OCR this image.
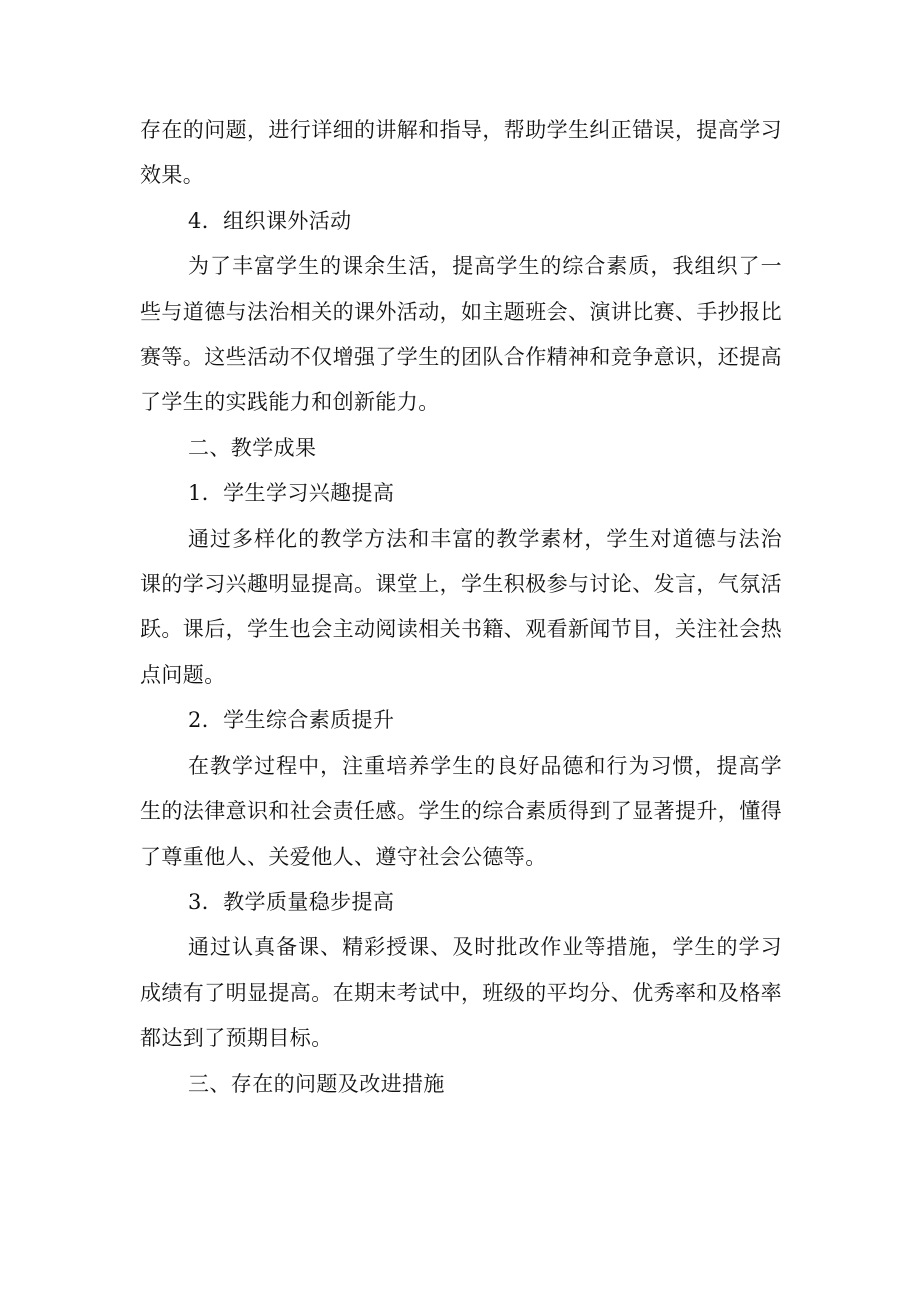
存在的问题，进行详细的讲解和指导，帮助学生纠正错误，提高学习效果。

4．组织课外活动

为了丰富学生的课余生活，提高学生的综合素质，我组织了一些与道德与法治相关的课外活动，如主题班会、演讲比赛、手抄报比赛等。这些活动不仅增强了学生的团队合作精神和竞争意识，还提高了学生的实践能力和创新能力。

二、教学成果

1．学生学习兴趣提高

通过多样化的教学方法和丰富的教学素材，学生对道德与法治课的学习兴趣明显提高。课堂上，学生积极参与讨论、发言，气氛活跃。课后，学生也会主动阅读相关书籍、观看新闻节目，关注社会热点问题。

2．学生综合素质提升

在教学过程中，注重培养学生的良好品德和行为习惯，提高学生的法律意识和社会责任感。学生的综合素质得到了显著提升，懂得了尊重他人、关爱他人、遵守社会公德等。

3．教学质量稳步提高

通过认真备课、精彩授课、及时批改作业等措施，学生的学习成绩有了明显提高。在期末考试中，班级的平均分、优秀率和及格率都达到了预期目标。

三、存在的问题及改进措施
